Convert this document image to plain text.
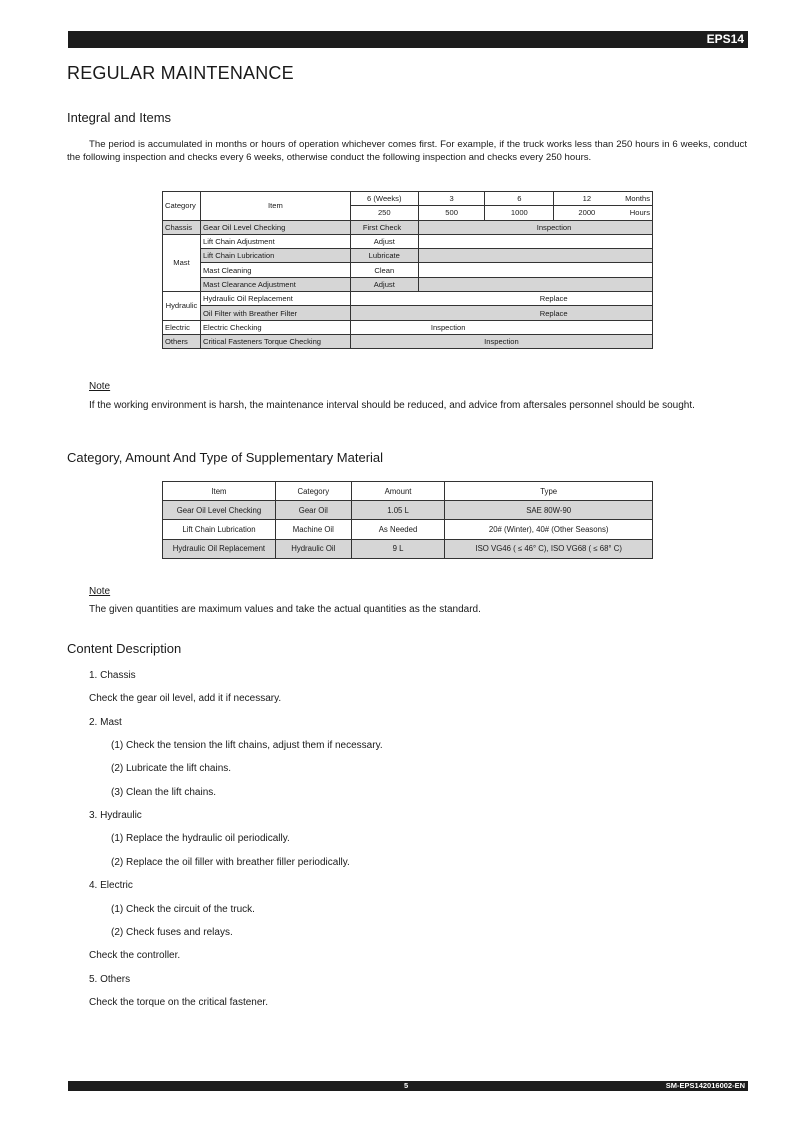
EPS14
REGULAR MAINTENANCE
Integral and Items

The period is accumulated in months or hours of operation whichever comes first. For example, if the truck works less than 250 hours in 6 weeks, conduct the following inspection and checks every 6 weeks, otherwise conduct the following inspection and checks every 250 hours.

Category	Item	6 (Weeks)	3	6	12	Months
		250	500	1000	2000	Hours
Chassis	Gear Oil Level Checking	First Check			Inspection	
Mast	Lift Chain Adjustment	Adjust				
	Lift Chain Lubrication	Lubricate				
	Mast Cleaning	Clean				
	Mast Clearance Adjustment	Adjust				
Hydraulic	Hydraulic Oil Replacement				Replace	
	Oil Filter with Breather Filter				Replace	
Electric	Electric Checking	Inspection				
Others	Critical Fasteners Torque Checking	Inspection				
Note

If the working environment is harsh, the maintenance interval should be reduced, and advice from aftersales personnel should be sought.

Category, Amount And Type of Supplementary Material
Item	Category	Amount	Type
Gear Oil Level Checking	Gear Oil	1.05 L	SAE 80W-90
Lift Chain Lubrication	Machine Oil	As Needed	20# (Winter), 40# (Other Seasons)
Hydraulic Oil Replacement	Hydraulic Oil	9 L	ISO VG46 ( ≤ 46° C), ISO VG68 ( ≤ 68° C)
Note
The given quantities are maximum values and take the actual quantities as the standard.
Content Description
1. Chassis
Check the gear oil level, add it if necessary.
2. Mast
(1) Check the tension the lift chains, adjust them if necessary.
(2) Lubricate the lift chains.
(3) Clean the lift chains.
3. Hydraulic
(1) Replace the hydraulic oil periodically.
(2) Replace the oil filler with breather filler periodically.
4. Electric
(1) Check the circuit of the truck.
(2) Check fuses and relays.
Check the controller.
5. Others
Check the torque on the critical fastener.
5	SM-EPS142016002-EN
